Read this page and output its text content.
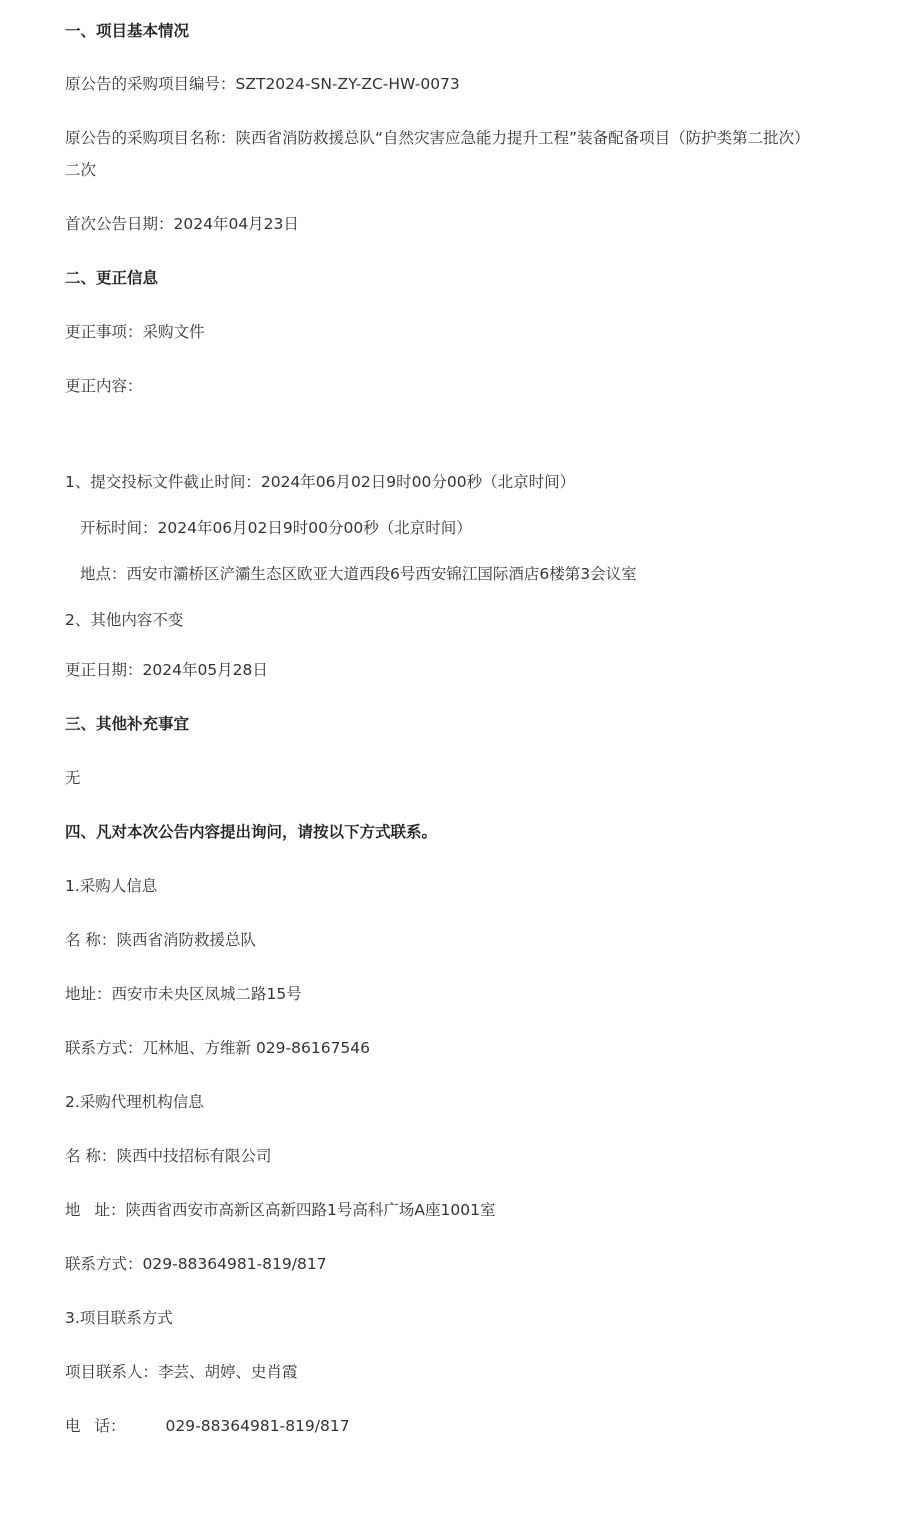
一、项目基本情况

原公告的采购项目编号：SZT2024-SN-ZY-ZC-HW-0073

原公告的采购项目名称：陕西省消防救援总队“自然灾害应急能力提升工程”装备配备项目（防护类第二批次）二次

首次公告日期：2024年04月23日

二、更正信息

更正事项：采购文件

更正内容：

1、提交投标文件截止时间：2024年06月02日9时00分00秒（北京时间）

开标时间：2024年06月02日9时00分00秒（北京时间）

地点：西安市灞桥区浐灞生态区欧亚大道西段6号西安锦江国际酒店6楼第3会议室

2、其他内容不变

更正日期：2024年05月28日

三、其他补充事宜

无

四、凡对本次公告内容提出询问，请按以下方式联系。

1.采购人信息

名 称：陕西省消防救援总队

地址：西安市未央区凤城二路15号

联系方式：兀林旭、方维新 029-86167546

2.采购代理机构信息

名 称：陕西中技招标有限公司

地 址：陕西省西安市高新区高新四路1号高科广场A座1001室

联系方式：029-88364981-819/817

3.项目联系方式

项目联系人：李芸、胡婷、史肖霞

电 话：	029-88364981-819/817
